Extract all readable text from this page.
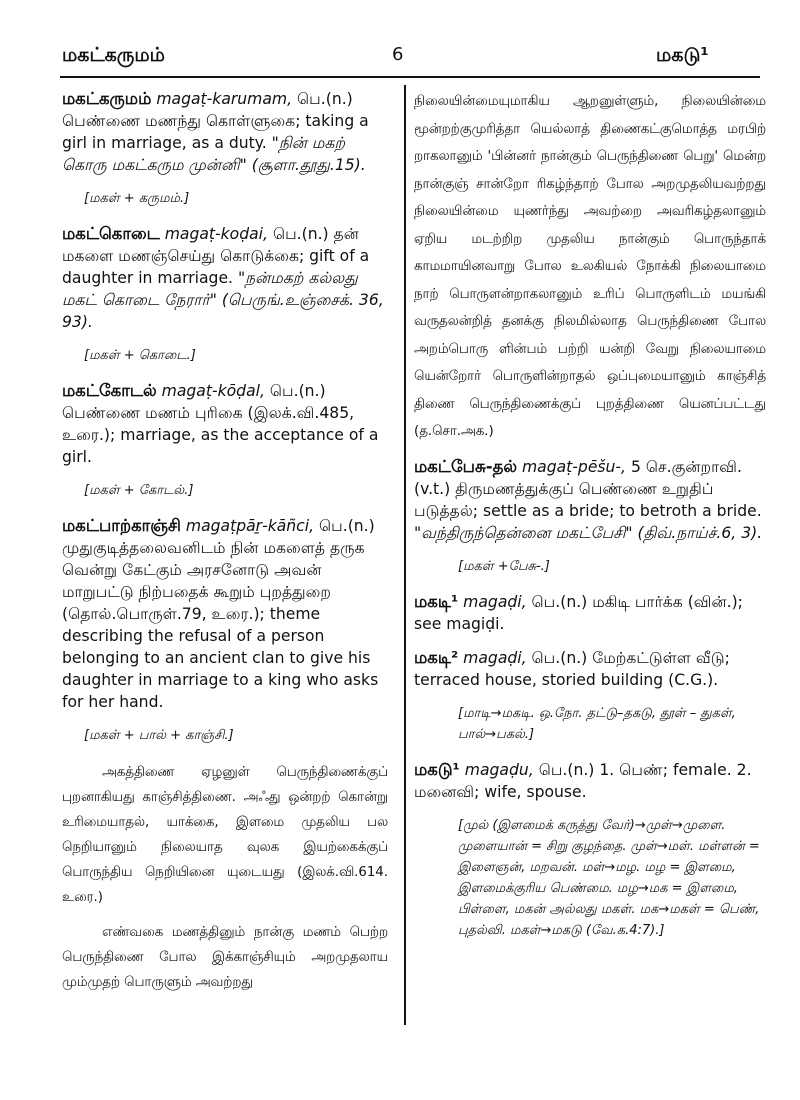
மகட்கருமம்	6	மகடு¹

மகட்கருமம் magaṭ-karumam, பெ.(n.) பெண்ணை மணந்து கொள்ளுகை; taking a girl in marriage, as a duty. "நின் மகற் கொரு மகட்கரும முன்னி" (சூளா.தூது.15).

[மகள் + கருமம்.]

மகட்கொடை magaṭ-koḍai, பெ.(n.) தன் மகளை மணஞ்செய்து கொடுக்கை; gift of a daughter in marriage. "நன்மகற் கல்லது மகட் கொடை நேரார்" (பெருங்.உஞ்சைக். 36, 93).

[மகள் + கொடை.]

மகட்கோடல் magaṭ-kōḍal, பெ.(n.) பெண்ணை மணம் புரிகை (இலக்.வி.485, உரை.); marriage, as the acceptance of a girl.

[மகள் + கோடல்.]

மகட்பாற்காஞ்சி magaṭpāṟ-kāñci, பெ.(n.) முதுகுடித்தலைவனிடம் நின் மகளைத் தருக வென்று கேட்கும் அரசனோடு அவன் மாறுபட்டு நிற்பதைக் கூறும் புறத்துறை (தொல்.பொருள்.79, உரை.); theme describing the refusal of a person belonging to an ancient clan to give his daughter in marriage to a king who asks for her hand.

[மகள் + பால் + காஞ்சி.]

அகத்திணை ஏழனுள் பெருந்திணைக்குப் புறனாகியது காஞ்சித்திணை. அஃது ஒன்றற் கொன்று உரிமையாதல், யாக்கை, இளமை முதலிய பல நெறியானும் நிலையாத வுலக இயற்கைக்குப் பொருந்திய நெறியினை யுடையது (இலக்.வி.614. உரை.)

எண்வகை மணத்தினும் நான்கு மணம் பெற்ற பெருந்திணை போல இக்காஞ்சியும் அறமுதலாய மும்முதற் பொருளும் அவற்றது

நிலையின்மையுமாகிய ஆறனுள்ளும், நிலையின்மை மூன்றற்குமுரித்தா யெல்லாத் திணைகட்குமொத்த மரபிற் றாகலானும் 'பின்னர் நான்கும் பெருந்திணை பெறு' மென்ற நான்குஞ் சான்றோ ரிகழ்ந்தாற் போல அறமுதலியவற்றது நிலையின்மை யுணர்ந்து அவற்றை அவரிகழ்தலானும் ஏறிய மடற்றிற முதலிய நான்கும் பொருந்தாக் காமமாயினவாறு போல உலகியல் நோக்கி நிலையாமை நாற் பொருளன்றாகலானும் உரிப் பொருளிடம் மயங்கி வருதலன்றித் தனக்கு நிலமில்லாத பெருந்திணை போல அறம்பொரு ளின்பம் பற்றி யன்றி வேறு நிலையாமை யென்றோர் பொருளின்றாதல் ஒப்புமையானும் காஞ்சித் திணை பெருந்திணைக்குப் புறத்திணை யெனப்பட்டது (த.சொ.அக.)

மகட்பேசு-தல் magaṭ-pēšu-, 5 செ.குன்றாவி. (v.t.) திருமணத்துக்குப் பெண்ணை உறுதிப் படுத்தல்; settle as a bride; to betroth a bride. "வந்திருந்தென்னை மகட்பேசி" (திவ்.நாய்ச்.6, 3).

[மகள் +பேசு-.]

மகடி¹ magaḍi, பெ.(n.) மகிடி பார்க்க (வின்.); see magiḍi.

மகடி² magaḍi, பெ.(n.) மேற்கட்டுள்ள வீடு; terraced house, storied building (C.G.).

[மாடி→மகடி. ஒ.நோ. தட்டு–தகடு, தூள் – துகள், பால்→பகல்.]

மகடு¹ magaḍu, பெ.(n.) 1. பெண்; female. 2. மனைவி; wife, spouse.

[முல் (இளமைக் கருத்து வேர்)→முள்→முளை. முளையான் = சிறு குழந்தை. முள்→மள். மள்ளன் = இளைஞன், மறவன். மள்→மழ. மழ = இளமை, இளமைக்குரிய பெண்மை. மழ→மக = இளமை, பிள்ளை, மகன் அல்லது மகள். மக→மகள் = பெண், புதல்வி. மகள்→மகடு (வே.க.4:7).]
